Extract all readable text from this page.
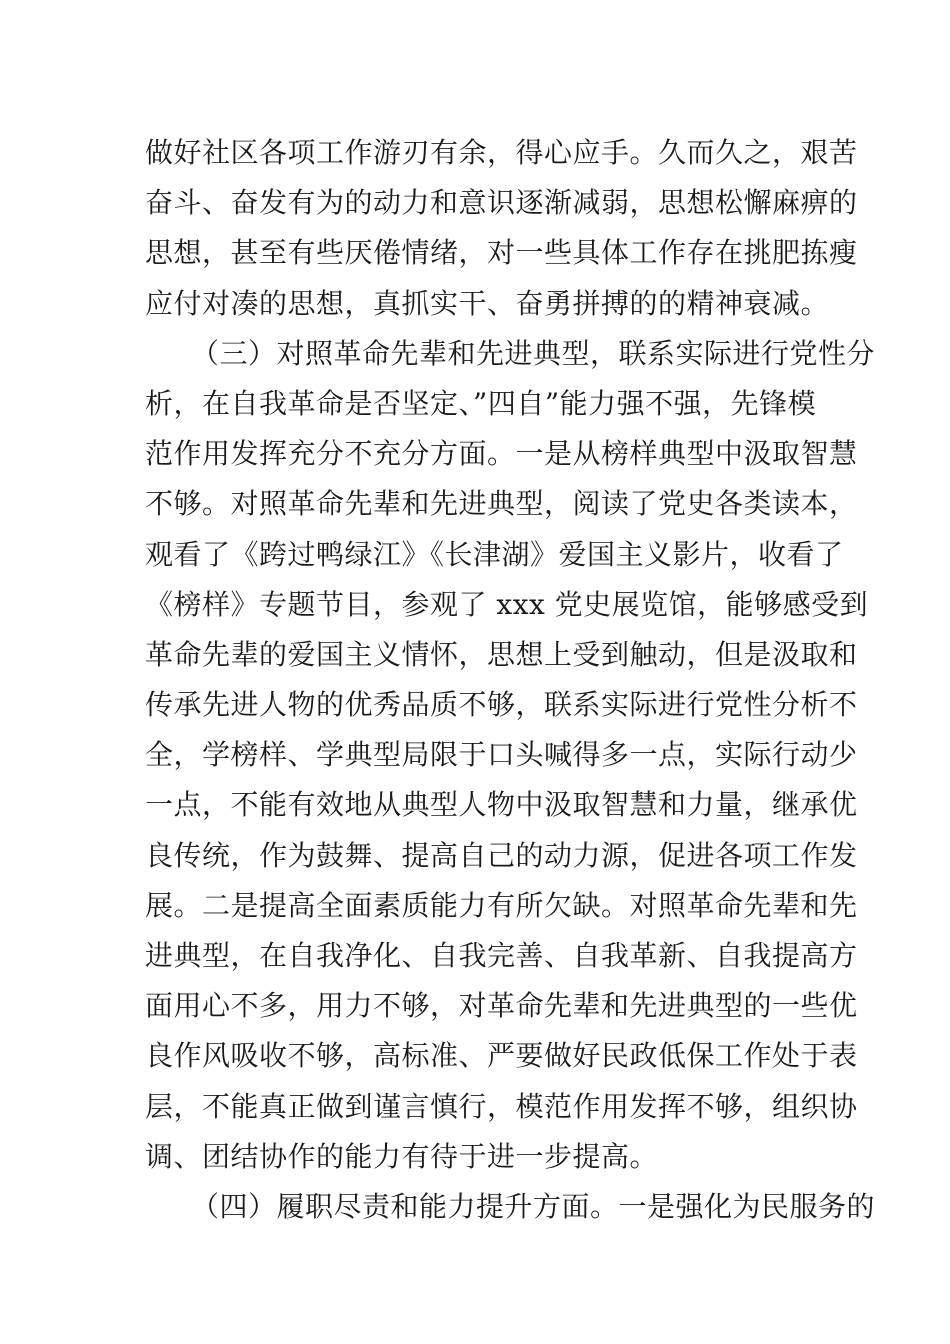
做好社区各项工作游刃有余，得心应手。久而久之，艰苦
奋斗、奋发有为的动力和意识逐渐减弱，思想松懈麻痹的
思想，甚至有些厌倦情绪，对一些具体工作存在挑肥拣瘦
应付对凑的思想，真抓实干、奋勇拼搏的的精神衰减。
（三）对照革命先辈和先进典型，联系实际进行党性分
析，在自我革命是否坚定、”四自”能力强不强，先锋模
范作用发挥充分不充分方面。一是从榜样典型中汲取智慧
不够。对照革命先辈和先进典型，阅读了党史各类读本，
观看了《跨过鸭绿江》《长津湖》爱国主义影片，收看了
《榜样》专题节目，参观了 xxx 党史展览馆，能够感受到
革命先辈的爱国主义情怀，思想上受到触动，但是汲取和
传承先进人物的优秀品质不够，联系实际进行党性分析不
全，学榜样、学典型局限于口头喊得多一点，实际行动少
一点，不能有效地从典型人物中汲取智慧和力量，继承优
良传统，作为鼓舞、提高自己的动力源，促进各项工作发
展。二是提高全面素质能力有所欠缺。对照革命先辈和先
进典型，在自我净化、自我完善、自我革新、自我提高方
面用心不多，用力不够，对革命先辈和先进典型的一些优
良作风吸收不够，高标准、严要做好民政低保工作处于表
层，不能真正做到谨言慎行，模范作用发挥不够，组织协
调、团结协作的能力有待于进一步提高。
（四）履职尽责和能力提升方面。一是强化为民服务的
